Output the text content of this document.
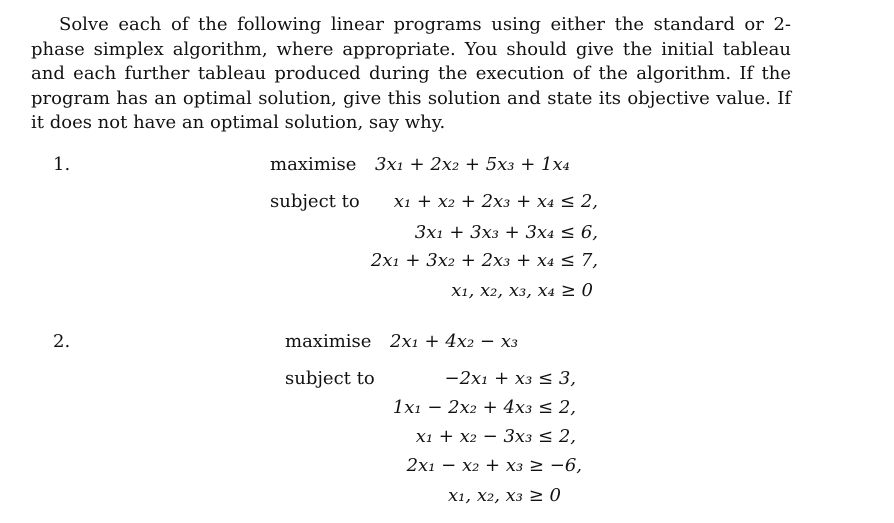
Solve each of the following linear programs using either the standard or 2-phase simplex algorithm, where appropriate. You should give the initial tableau and each further tableau produced during the execution of the algorithm. If the program has an optimal solution, give this solution and state its objective value. If it does not have an optimal solution, say why.
1.	maximise 3x₁ + 2x₂ + 5x₃ + 1x₄
subject to x₁ + x₂ + 2x₃ + x₄ ≤ 2,
3x₁ + 3x₃ + 3x₄ ≤ 6,
2x₁ + 3x₂ + 2x₃ + x₄ ≤ 7,
x₁, x₂, x₃, x₄ ≥ 0
2.	maximise 2x₁ + 4x₂ − x₃
subject to	−2x₁ + x₃ ≤ 3,
1x₁ − 2x₂ + 4x₃ ≤ 2,
x₁ + x₂ − 3x₃ ≤ 2,
2x₁ − x₂ + x₃ ≥ −6,
x₁, x₂, x₃ ≥ 0
